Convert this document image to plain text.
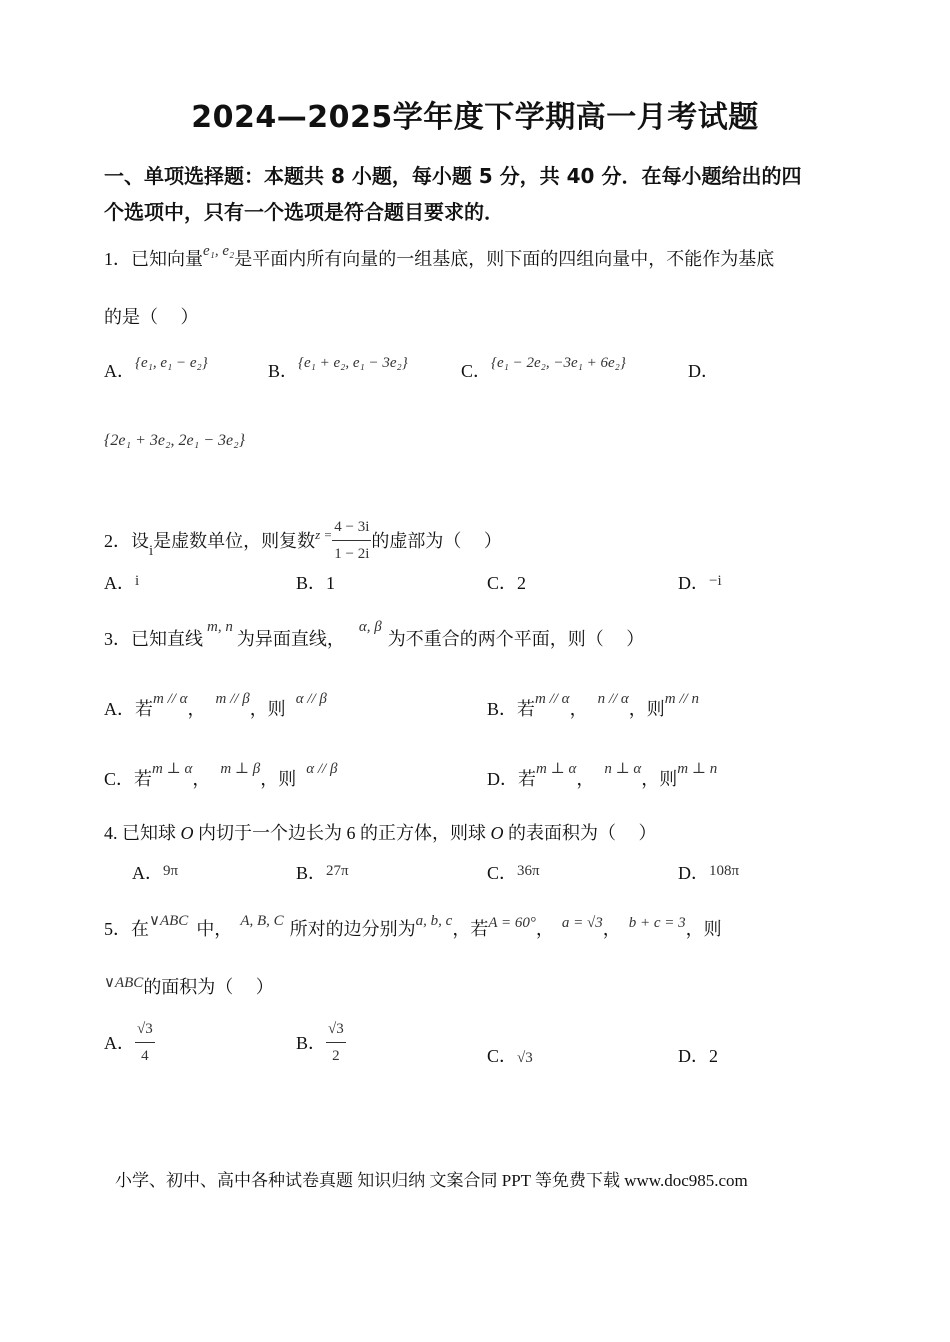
2024—2025学年度下学期高一月考试题
一、单项选择题：本题共 8 小题，每小题 5 分，共 40 分．在每小题给出的四
个选项中，只有一个选项是符合题目要求的．
1．已知向量$^{e_1, e_2}$是平面内所有向量的一组基底，则下面的四组向量中，不能作为基底
的是（　 ）
A．$^{\{e_1, e_1 - e_2\}}$	B．$^{\{e_1 + e_2, e_1 - 3e_2\}}$	C．$^{\{e_1 - 2e_2, -3e_1 + 6e_2\}}$	D．
{2e₁ + 3e₂, 2e₁ − 3e₂}
2．设 i 是虚数单位，则复数 $z = \frac{4 - 3i}{1 - 2i}$ 的虚部为（　 ）
A．$^i$	B．1	C．2	D．$^{-i}$
3．已知直线$^{m, n}$为异面直线，$^{\alpha, \beta}$为不重合的两个平面，则（　 ）
A．若$^{m // \alpha}$， $^{m // \beta}$，则 $^{\alpha // \beta}$	B．若$^{m // \alpha}$， $^{n // \alpha}$，则$^{m // n}$
C．若$^{m \perp \alpha}$， $^{m \perp \beta}$，则 $^{\alpha // \beta}$	D．若$^{m \perp \alpha}$， $^{n \perp \alpha}$，则$^{m \perp n}$
4. 已知球 O 内切于一个边长为 6 的正方体，则球 O 的表面积为（　 ）
A．$^{9\pi}$	B．$^{27\pi}$	C．$^{36\pi}$	D．$^{108\pi}$
5．在$^{\vee ABC}$ 中， $^{A, B, C}$ 所对的边分别为$^{a, b, c}$，若$^{A = 60^\circ}$， $^{a = √3}$， $^{b + c = 3}$，则
$^{\vee ABC}$的面积为（　 ）
A． $\frac{√3}{4}$	B． $\frac{√3}{2}$	C．√3	D．2
小学、初中、高中各种试卷真题 知识归纳 文案合同 PPT 等免费下载 www.doc985.com
